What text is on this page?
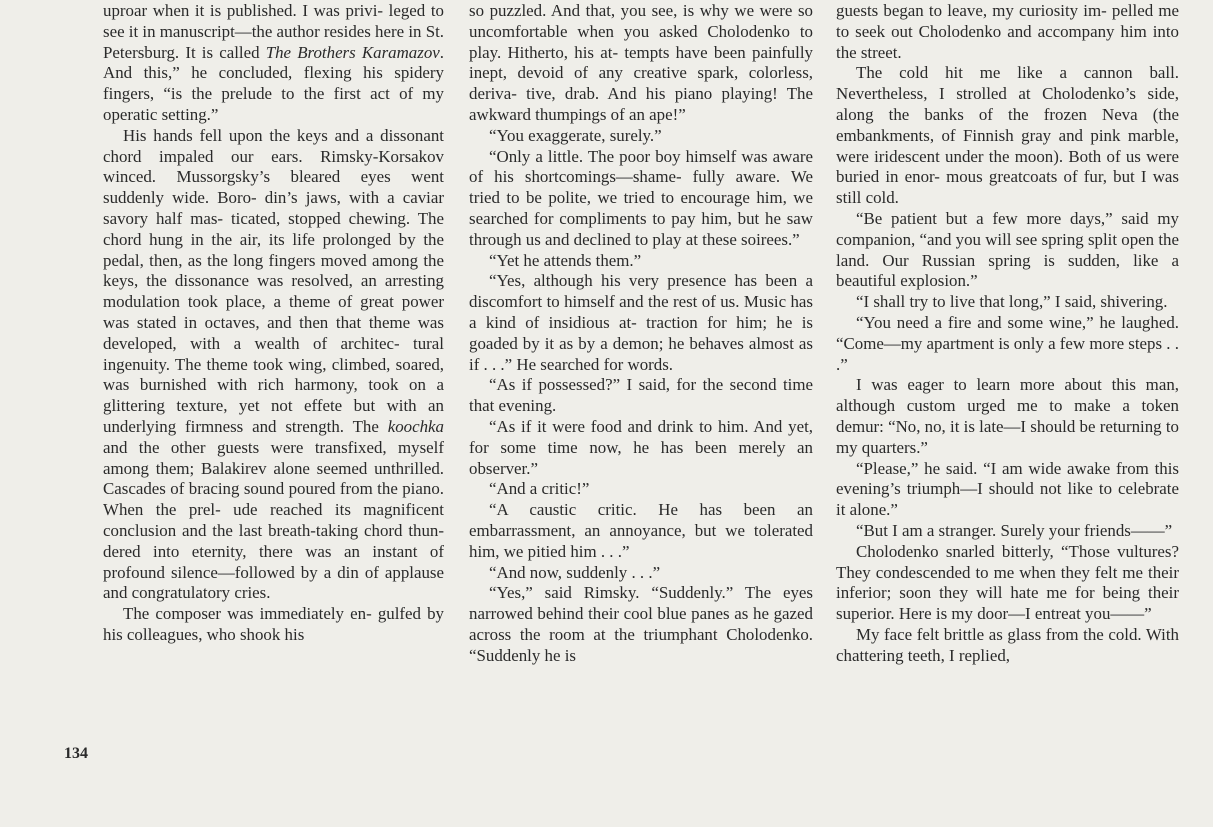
uproar when it is published. I was privi- leged to see it in manuscript—the author resides here in St. Petersburg. It is called The Brothers Karamazov. And this,” he concluded, flexing his spidery fingers, “is the prelude to the first act of my operatic setting.”

His hands fell upon the keys and a dissonant chord impaled our ears. Rimsky-Korsakov winced. Mussorgsky’s bleared eyes went suddenly wide. Boro- din’s jaws, with a caviar savory half mas- ticated, stopped chewing. The chord hung in the air, its life prolonged by the pedal, then, as the long fingers moved among the keys, the dissonance was resolved, an arresting modulation took place, a theme of great power was stated in octaves, and then that theme was developed, with a wealth of architec- tural ingenuity. The theme took wing, climbed, soared, was burnished with rich harmony, took on a glittering texture, yet not effete but with an underlying firmness and strength. The koochka and the other guests were transfixed, myself among them; Balakirev alone seemed unthrilled. Cascades of bracing sound poured from the piano. When the prel- ude reached its magnificent conclusion and the last breath-taking chord thun- dered into eternity, there was an instant of profound silence—followed by a din of applause and congratulatory cries.

The composer was immediately en- gulfed by his colleagues, who shook his

so puzzled. And that, you see, is why we were so uncomfortable when you asked Cholodenko to play. Hitherto, his at- tempts have been painfully inept, devoid of any creative spark, colorless, deriva- tive, drab. And his piano playing! The awkward thumpings of an ape!”

“You exaggerate, surely.”

“Only a little. The poor boy himself was aware of his shortcomings—shame- fully aware. We tried to be polite, we tried to encourage him, we searched for compliments to pay him, but he saw through us and declined to play at these soirees.”

“Yet he attends them.”

“Yes, although his very presence has been a discomfort to himself and the rest of us. Music has a kind of insidious at- traction for him; he is goaded by it as by a demon; he behaves almost as if . . .” He searched for words.

“As if possessed?” I said, for the second time that evening.

“As if it were food and drink to him. And yet, for some time now, he has been merely an observer.”

“And a critic!”

“A caustic critic. He has been an embarrassment, an annoyance, but we tolerated him, we pitied him . . .”

“And now, suddenly . . .”

“Yes,” said Rimsky. “Suddenly.” The eyes narrowed behind their cool blue panes as he gazed across the room at the triumphant Cholodenko. “Suddenly he is

guests began to leave, my curiosity im- pelled me to seek out Cholodenko and accompany him into the street.

The cold hit me like a cannon ball. Nevertheless, I strolled at Cholodenko’s side, along the banks of the frozen Neva (the embankments, of Finnish gray and pink marble, were iridescent under the moon). Both of us were buried in enor- mous greatcoats of fur, but I was still cold.

“Be patient but a few more days,” said my companion, “and you will see spring split open the land. Our Russian spring is sudden, like a beautiful explosion.”

“I shall try to live that long,” I said, shivering.

“You need a fire and some wine,” he laughed. “Come—my apartment is only a few more steps . . .”

I was eager to learn more about this man, although custom urged me to make a token demur: “No, no, it is late—I should be returning to my quarters.”

“Please,” he said. “I am wide awake from this evening’s triumph—I should not like to celebrate it alone.”

“But I am a stranger. Surely your friends——”

Cholodenko snarled bitterly, “Those vultures? They condescended to me when they felt me their inferior; soon they will hate me for being their superior. Here is my door—I entreat you——”

My face felt brittle as glass from the cold. With chattering teeth, I replied,

134
